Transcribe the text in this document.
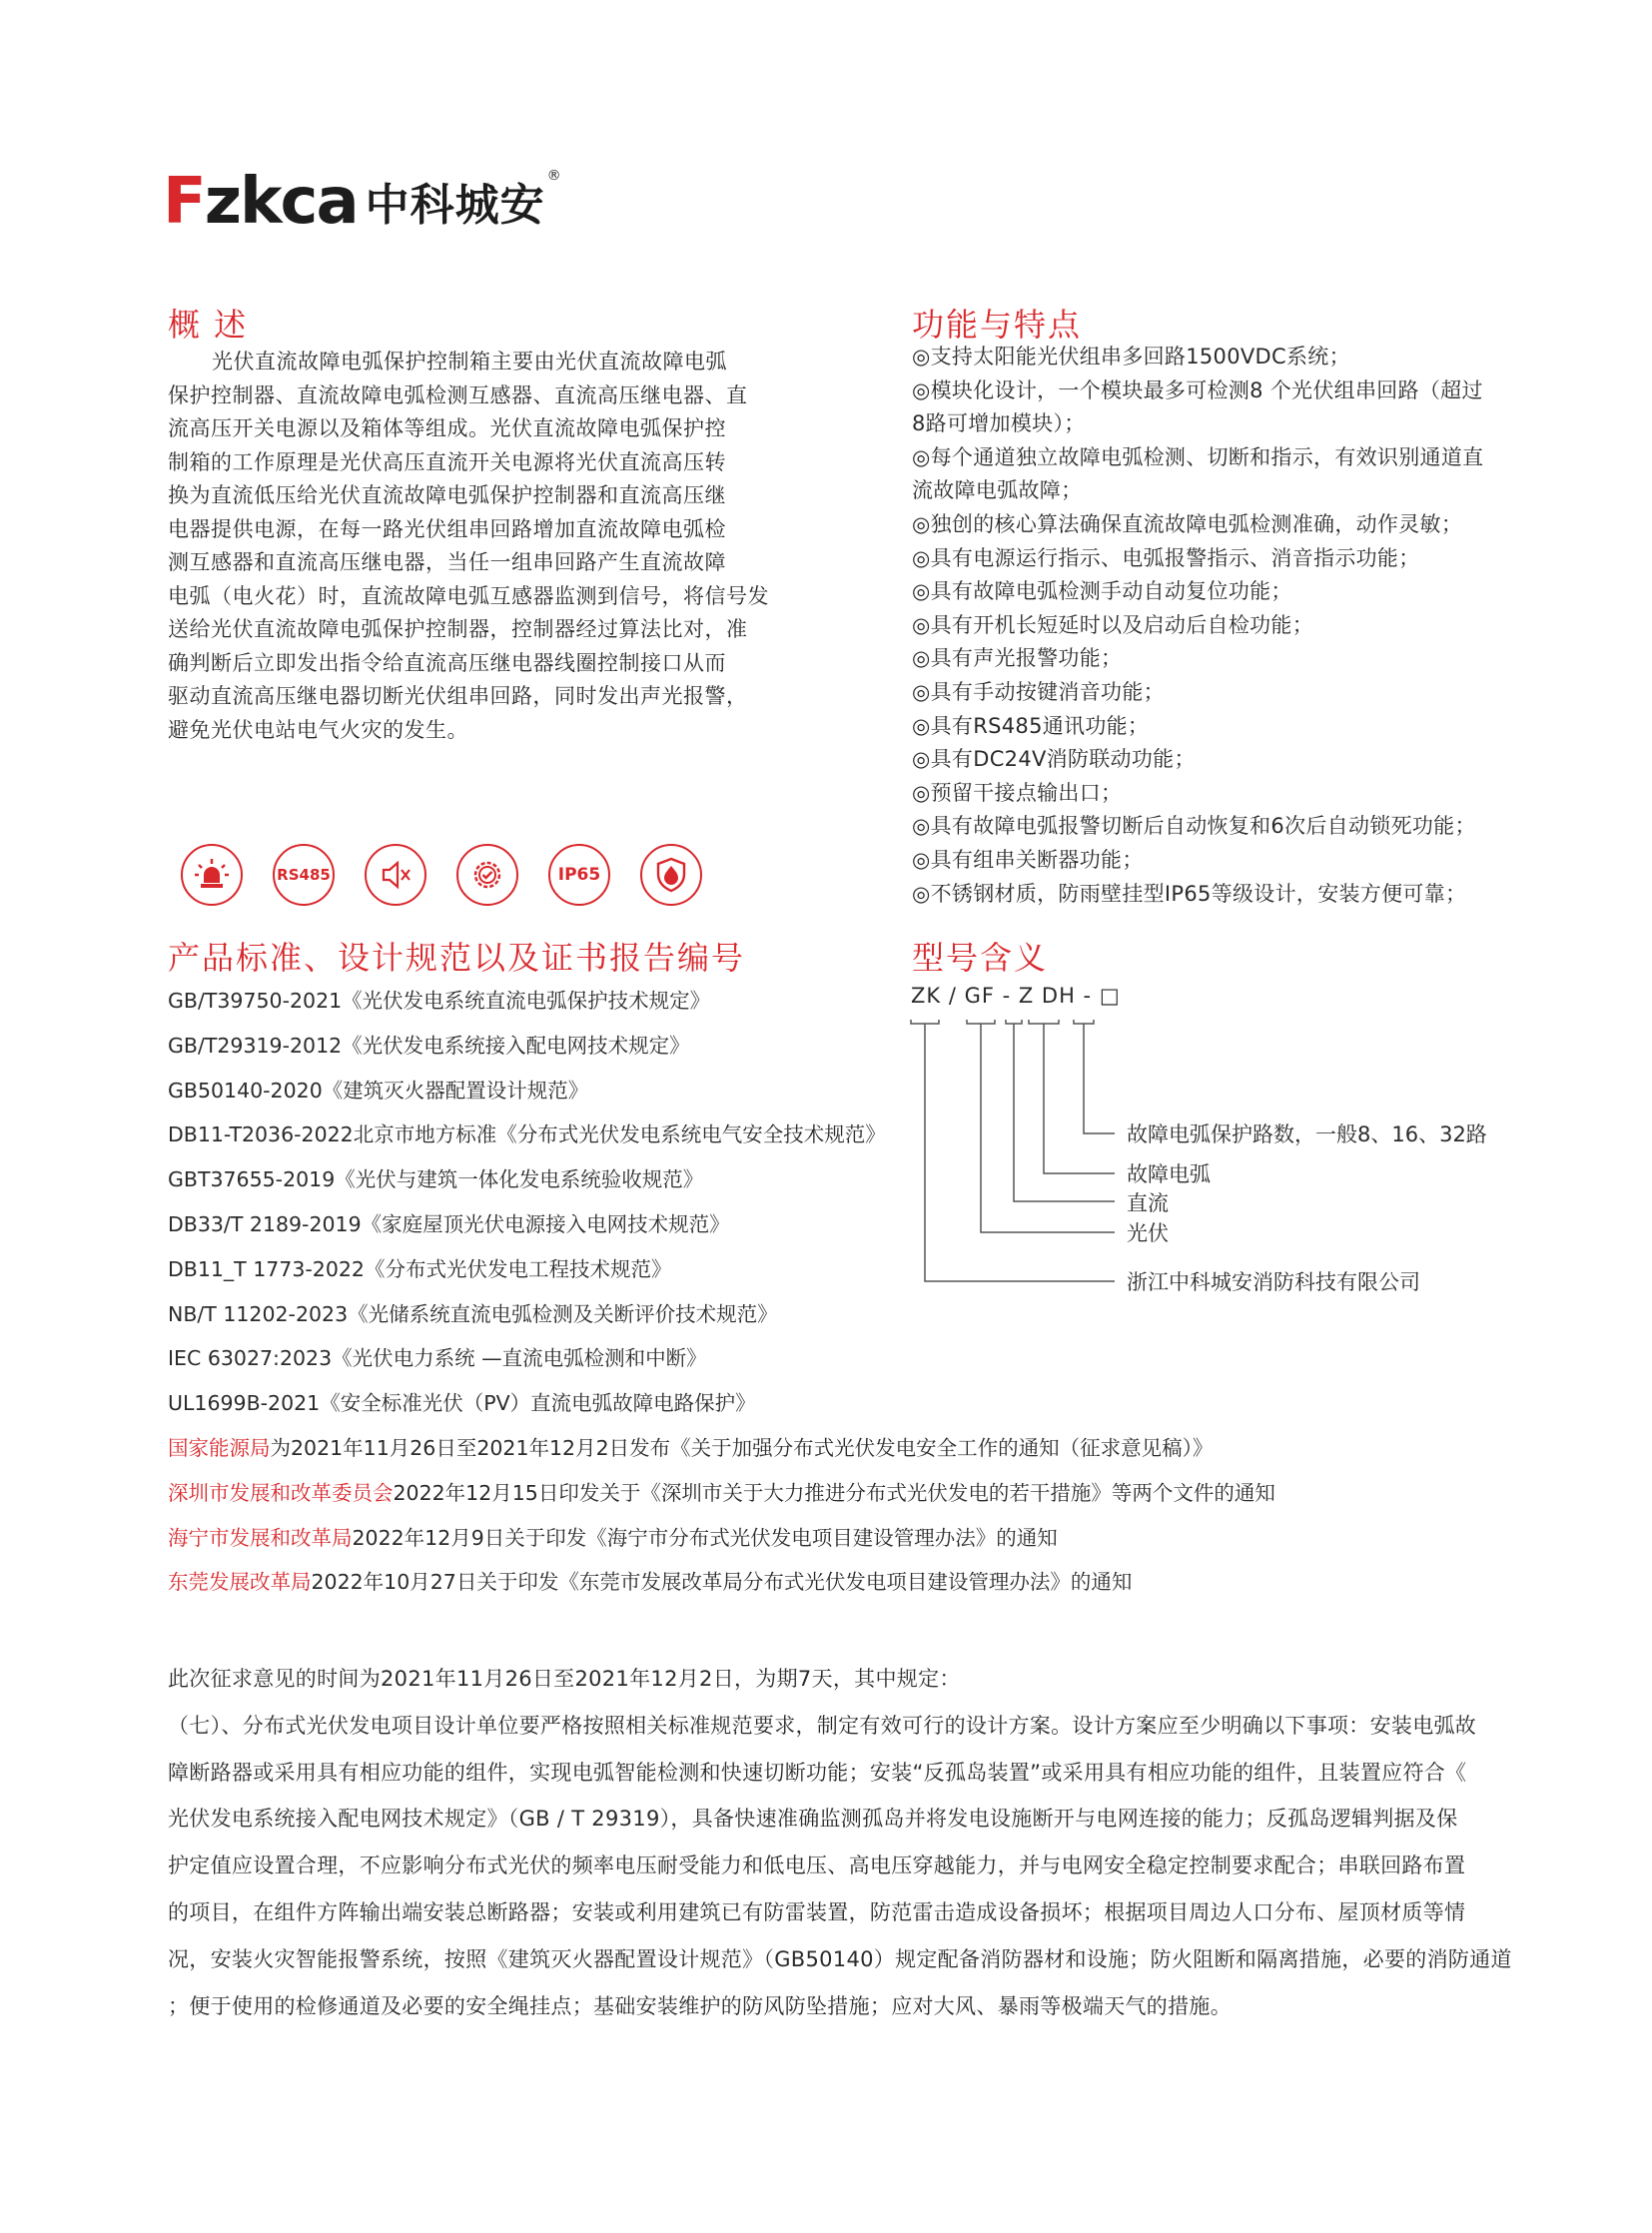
Fzkca 中科城安
®
概 述
光伏直流故障电弧保护控制箱主要由光伏直流故障电弧
保护控制器、直流故障电弧检测互感器、直流高压继电器、直
流高压开关电源以及箱体等组成。光伏直流故障电弧保护控
制箱的工作原理是光伏高压直流开关电源将光伏直流高压转
换为直流低压给光伏直流故障电弧保护控制器和直流高压继
电器提供电源，在每一路光伏组串回路增加直流故障电弧检
测互感器和直流高压继电器，当任一组串回路产生直流故障
电弧（电火花）时，直流故障电弧互感器监测到信号，将信号发
送给光伏直流故障电弧保护控制器，控制器经过算法比对，准
确判断后立即发出指令给直流高压继电器线圈控制接口从而
驱动直流高压继电器切断光伏组串回路，同时发出声光报警，
避免光伏电站电气火灾的发生。
RS485	IP65
功能与特点
◎支持太阳能光伏组串多回路1500VDC系统；
◎模块化设计，一个模块最多可检测8 个光伏组串回路（超过
8路可增加模块）；
◎每个通道独立故障电弧检测、切断和指示，有效识别通道直
流故障电弧故障；
◎独创的核心算法确保直流故障电弧检测准确，动作灵敏；
◎具有电源运行指示、电弧报警指示、消音指示功能；
◎具有故障电弧检测手动自动复位功能；
◎具有开机长短延时以及启动后自检功能；
◎具有声光报警功能；
◎具有手动按键消音功能；
◎具有RS485通讯功能；
◎具有DC24V消防联动功能；
◎预留干接点输出口；
◎具有故障电弧报警切断后自动恢复和6次后自动锁死功能；
◎具有组串关断器功能；
◎不锈钢材质，防雨壁挂型IP65等级设计，安装方便可靠；
产品标准、设计规范以及证书报告编号
GB/T39750-2021《光伏发电系统直流电弧保护技术规定》
GB/T29319-2012《光伏发电系统接入配电网技术规定》
GB50140-2020《建筑灭火器配置设计规范》
DB11-T2036-2022北京市地方标准《分布式光伏发电系统电气安全技术规范》
GBT37655-2019《光伏与建筑一体化发电系统验收规范》
DB33/T 2189-2019《家庭屋顶光伏电源接入电网技术规范》
DB11_T 1773-2022《分布式光伏发电工程技术规范》
NB/T 11202-2023《光储系统直流电弧检测及关断评价技术规范》
IEC 63027:2023《光伏电力系统 —直流电弧检测和中断》
UL1699B-2021《安全标准光伏（PV）直流电弧故障电路保护》
国家能源局为2021年11月26日至2021年12月2日发布《关于加强分布式光伏发电安全工作的通知（征求意见稿）》
深圳市发展和改革委员会2022年12月15日印发关于《深圳市关于大力推进分布式光伏发电的若干措施》等两个文件的通知
海宁市发展和改革局2022年12月9日关于印发《海宁市分布式光伏发电项目建设管理办法》的通知
东莞发展改革局2022年10月27日关于印发《东莞市发展改革局分布式光伏发电项目建设管理办法》的通知
型号含义
ZK / GF - Z DH - □
故障电弧保护路数，一般8、16、32路
故障电弧
直流
光伏
浙江中科城安消防科技有限公司
此次征求意见的时间为2021年11月26日至2021年12月2日，为期7天，其中规定：
（七）、分布式光伏发电项目设计单位要严格按照相关标准规范要求，制定有效可行的设计方案。设计方案应至少明确以下事项：安装电弧故
障断路器或采用具有相应功能的组件，实现电弧智能检测和快速切断功能；安装“反孤岛装置”或采用具有相应功能的组件，且装置应符合《
光伏发电系统接入配电网技术规定》（GB / T 29319），具备快速准确监测孤岛并将发电设施断开与电网连接的能力；反孤岛逻辑判据及保
护定值应设置合理，不应影响分布式光伏的频率电压耐受能力和低电压、高电压穿越能力，并与电网安全稳定控制要求配合；串联回路布置
的项目，在组件方阵输出端安装总断路器；安装或利用建筑已有防雷装置，防范雷击造成设备损坏；根据项目周边人口分布、屋顶材质等情
况，安装火灾智能报警系统，按照《建筑灭火器配置设计规范》（GB50140）规定配备消防器材和设施；防火阻断和隔离措施，必要的消防通道
；便于使用的检修通道及必要的安全绳挂点；基础安装维护的防风防坠措施；应对大风、暴雨等极端天气的措施。
